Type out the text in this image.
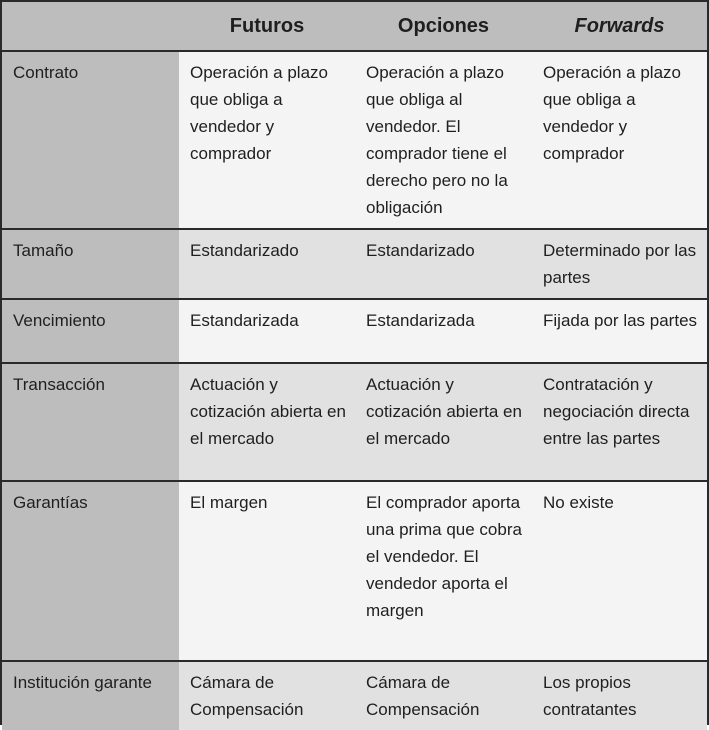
	Futuros	Opciones	Forwards
Contrato	Operación a plazo que obliga a vendedor y comprador	Operación a plazo que obliga al vendedor. El comprador tiene el derecho pero no la obligación	Operación a plazo que obliga a vendedor y comprador
Tamaño	Estandarizado	Estandarizado	Determinado por las partes
Vencimiento	Estandarizada	Estandarizada	Fijada por las partes
Transacción	Actuación y cotización abierta en el mercado	Actuación y cotización abierta en el mercado	Contratación y negociación directa entre las partes
Garantías	El margen	El comprador aporta una prima que cobra el vendedor. El vendedor aporta el margen	No existe
Institución garante	Cámara de Compensación	Cámara de Compensación	Los propios contratantes
